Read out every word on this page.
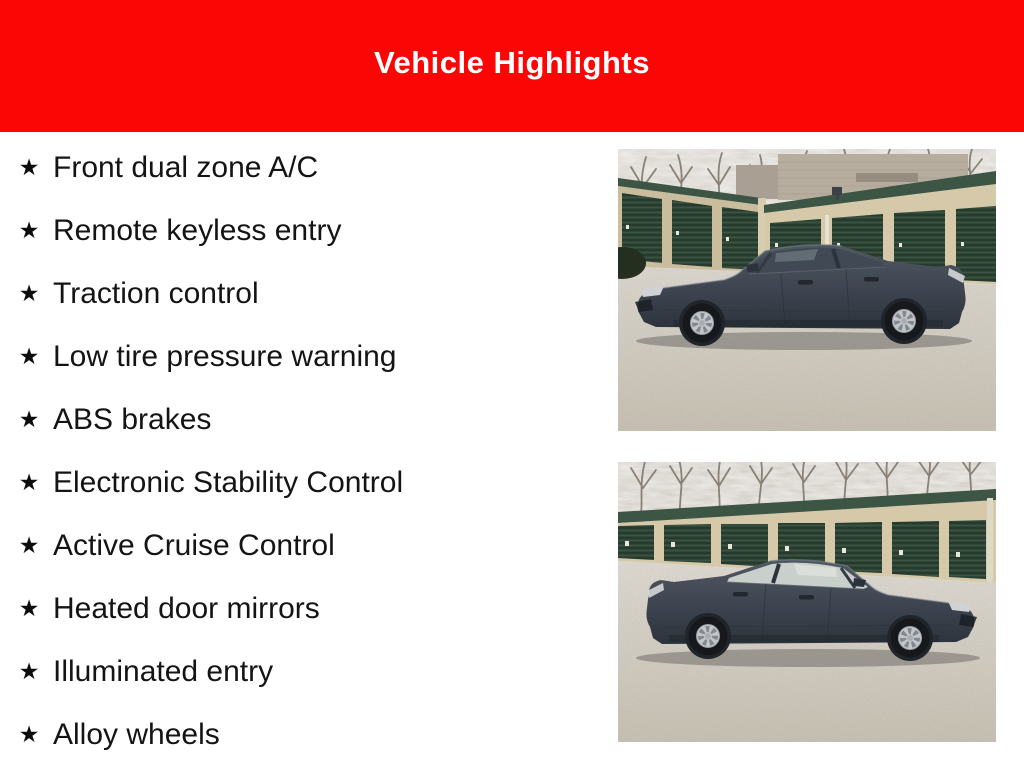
Vehicle Highlights
★ Front dual zone A/C
★ Remote keyless entry
★ Traction control
★ Low tire pressure warning
★ ABS brakes
★ Electronic Stability Control
★ Active Cruise Control
★ Heated door mirrors
★ Illuminated entry
★ Alloy wheels
